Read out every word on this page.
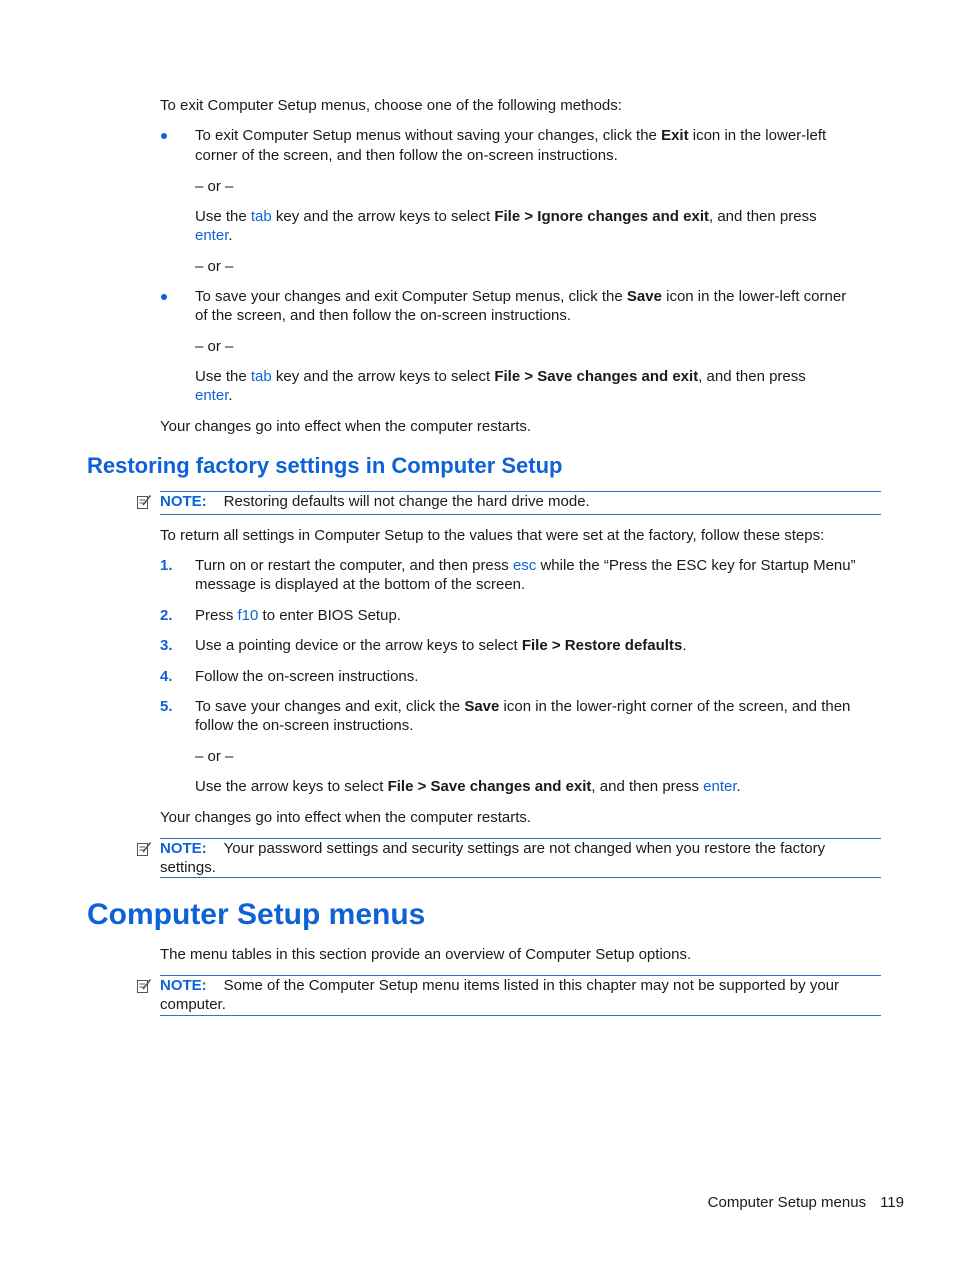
To exit Computer Setup menus, choose one of the following methods:
To exit Computer Setup menus without saving your changes, click the Exit icon in the lower-left
corner of the screen, and then follow the on-screen instructions.
– or –
Use the tab key and the arrow keys to select File > Ignore changes and exit, and then press
enter.
– or –
To save your changes and exit Computer Setup menus, click the Save icon in the lower-left corner
of the screen, and then follow the on-screen instructions.
– or –
Use the tab key and the arrow keys to select File > Save changes and exit, and then press
enter.
Your changes go into effect when the computer restarts.
Restoring factory settings in Computer Setup
NOTE: Restoring defaults will not change the hard drive mode.
To return all settings in Computer Setup to the values that were set at the factory, follow these steps:
1. Turn on or restart the computer, and then press esc while the “Press the ESC key for Startup Menu”
message is displayed at the bottom of the screen.
2. Press f10 to enter BIOS Setup.
3. Use a pointing device or the arrow keys to select File > Restore defaults.
4. Follow the on-screen instructions.
5. To save your changes and exit, click the Save icon in the lower-right corner of the screen, and then
follow the on-screen instructions.
– or –
Use the arrow keys to select File > Save changes and exit, and then press enter.
Your changes go into effect when the computer restarts.
NOTE: Your password settings and security settings are not changed when you restore the factory
settings.
Computer Setup menus
The menu tables in this section provide an overview of Computer Setup options.
NOTE: Some of the Computer Setup menu items listed in this chapter may not be supported by your
computer.
Computer Setup menus 119
